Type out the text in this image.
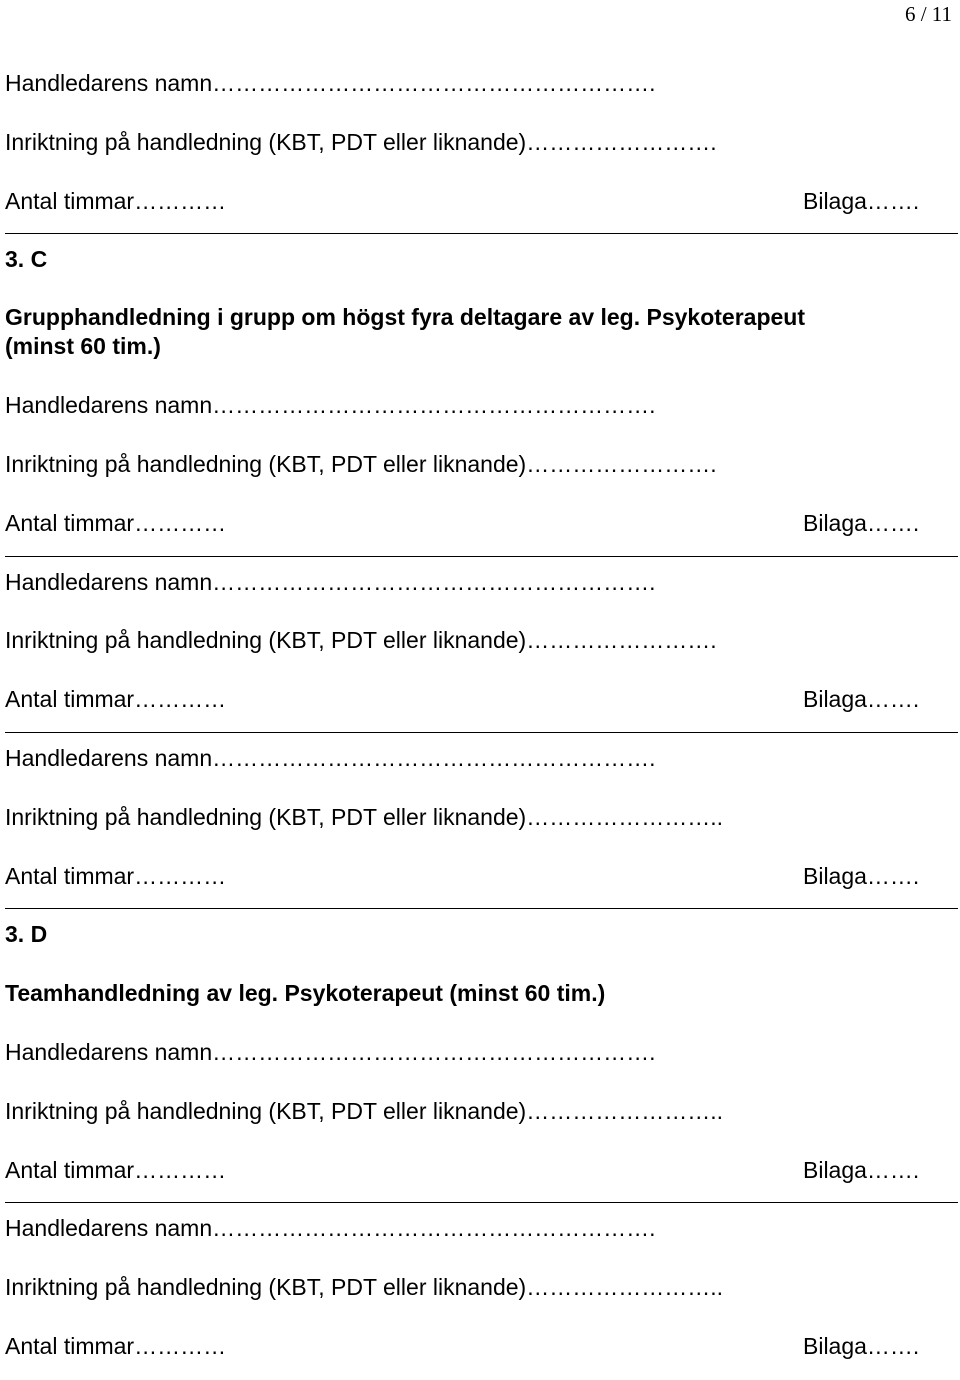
6 / 11
Handledarens namn………………………………………………….
Inriktning på handledning (KBT, PDT eller liknande)…………………….
Antal timmar…………	Bilaga…….
3. C
Grupphandledning i grupp om högst fyra deltagare av leg. Psykoterapeut
(minst 60 tim.)
Handledarens namn………………………………………………….
Inriktning på handledning (KBT, PDT eller liknande)…………………….
Antal timmar…………	Bilaga…….
Handledarens namn………………………………………………….
Inriktning på handledning (KBT, PDT eller liknande)…………………….
Antal timmar…………	Bilaga…….
Handledarens namn………………………………………………….
Inriktning på handledning (KBT, PDT eller liknande)……………………..
Antal timmar…………	Bilaga…….
3. D
Teamhandledning av leg. Psykoterapeut (minst 60 tim.)
Handledarens namn………………………………………………….
Inriktning på handledning (KBT, PDT eller liknande)……………………..
Antal timmar…………	Bilaga…….
Handledarens namn………………………………………………….
Inriktning på handledning (KBT, PDT eller liknande)……………………..
Antal timmar…………	Bilaga…….
